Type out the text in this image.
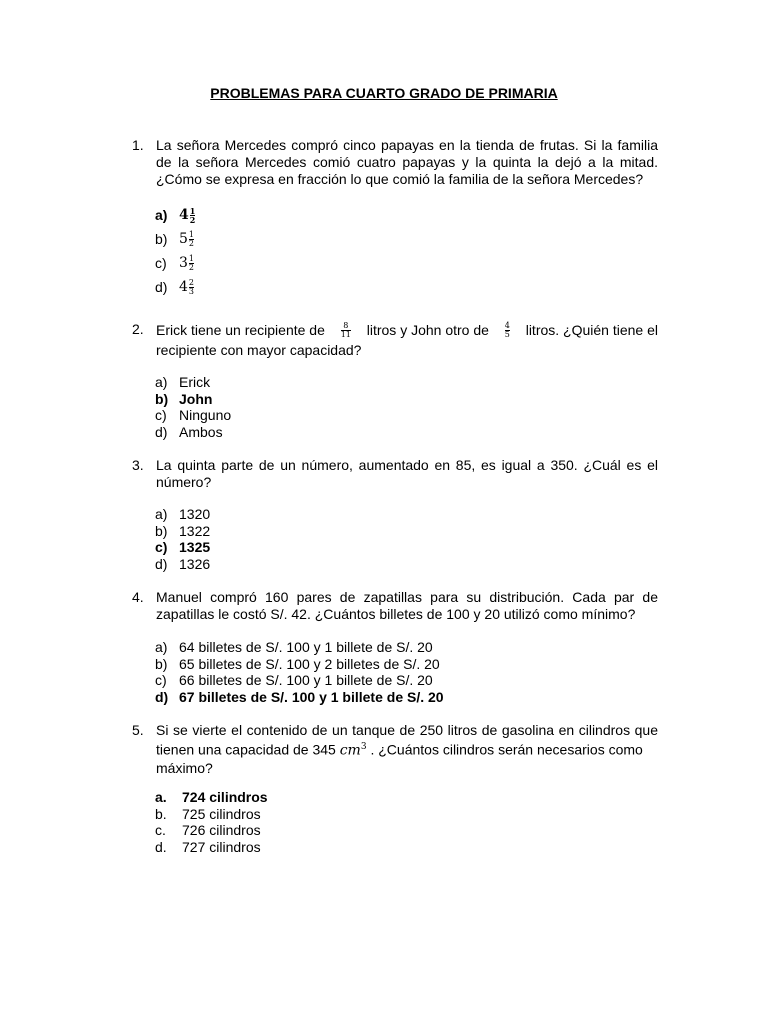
PROBLEMAS PARA CUARTO GRADO DE PRIMARIA
1. La señora Mercedes compró cinco papayas en la tienda de frutas. Si la familia
de la señora Mercedes comió cuatro papayas y la quinta la dejó a la mitad.
¿Cómo se expresa en fracción lo que comió la familia de la señora Mercedes?
a) $4 \frac{1}{2}$
b) $5 \frac{1}{2}$
c) $3 \frac{1}{2}$
d) $4 \frac{2}{3}$
2. Erick tiene un recipiente de $\frac{8}{11}$ litros y John otro de $\frac{4}{5}$ litros. ¿Quién tiene el
recipiente con mayor capacidad?
a) Erick
b) John
c) Ninguno
d) Ambos
3. La quinta parte de un número, aumentado en 85, es igual a 350. ¿Cuál es el
número?
a) 1320
b) 1322
c) 1325
d) 1326
4. Manuel compró 160 pares de zapatillas para su distribución. Cada par de
zapatillas le costó S/. 42. ¿Cuántos billetes de 100 y 20 utilizó como mínimo?
a) 64 billetes de S/. 100 y 1 billete de S/. 20
b) 65 billetes de S/. 100 y 2 billetes de S/. 20
c) 66 billetes de S/. 100 y 1 billete de S/. 20
d) 67 billetes de S/. 100 y 1 billete de S/. 20
5. Si se vierte el contenido de un tanque de 250 litros de gasolina en cilindros que
tienen una capacidad de 345 $cm^3$ . ¿Cuántos cilindros serán necesarios como
máximo?
a.	724 cilindros
b.	725 cilindros
c.	726 cilindros
d.	727 cilindros
